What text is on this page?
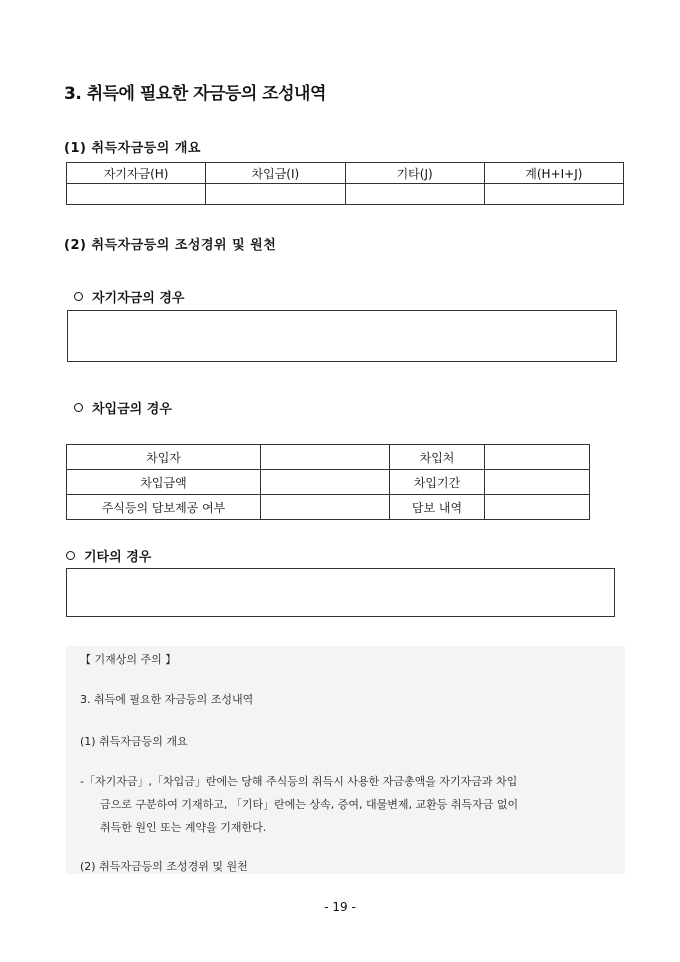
3. 취득에 필요한 자금등의 조성내역
(1) 취득자금등의 개요
자기자금(H)	차입금(I)	기타(J)	계(H+I+J)

(2) 취득자금등의 조성경위 및 원천
자기자금의 경우
차입금의 경우
차입자		차입처	
차입금액		차입기간	
주식등의 담보제공 여부		담보 내역	
기타의 경우
【 기재상의 주의 】
3. 취득에 필요한 자금등의 조성내역
(1) 취득자금등의 개요
-「자기자금」,「차입금」란에는 당해 주식등의 취득시 사용한 자금총액을 자기자금과 차입
금으로 구분하여 기재하고, 「기타」란에는 상속, 증여, 대물변제, 교환등 취득자금 없이
취득한 원인 또는 계약을 기재한다.
(2) 취득자금등의 조성경위 및 원천
- 19 -
